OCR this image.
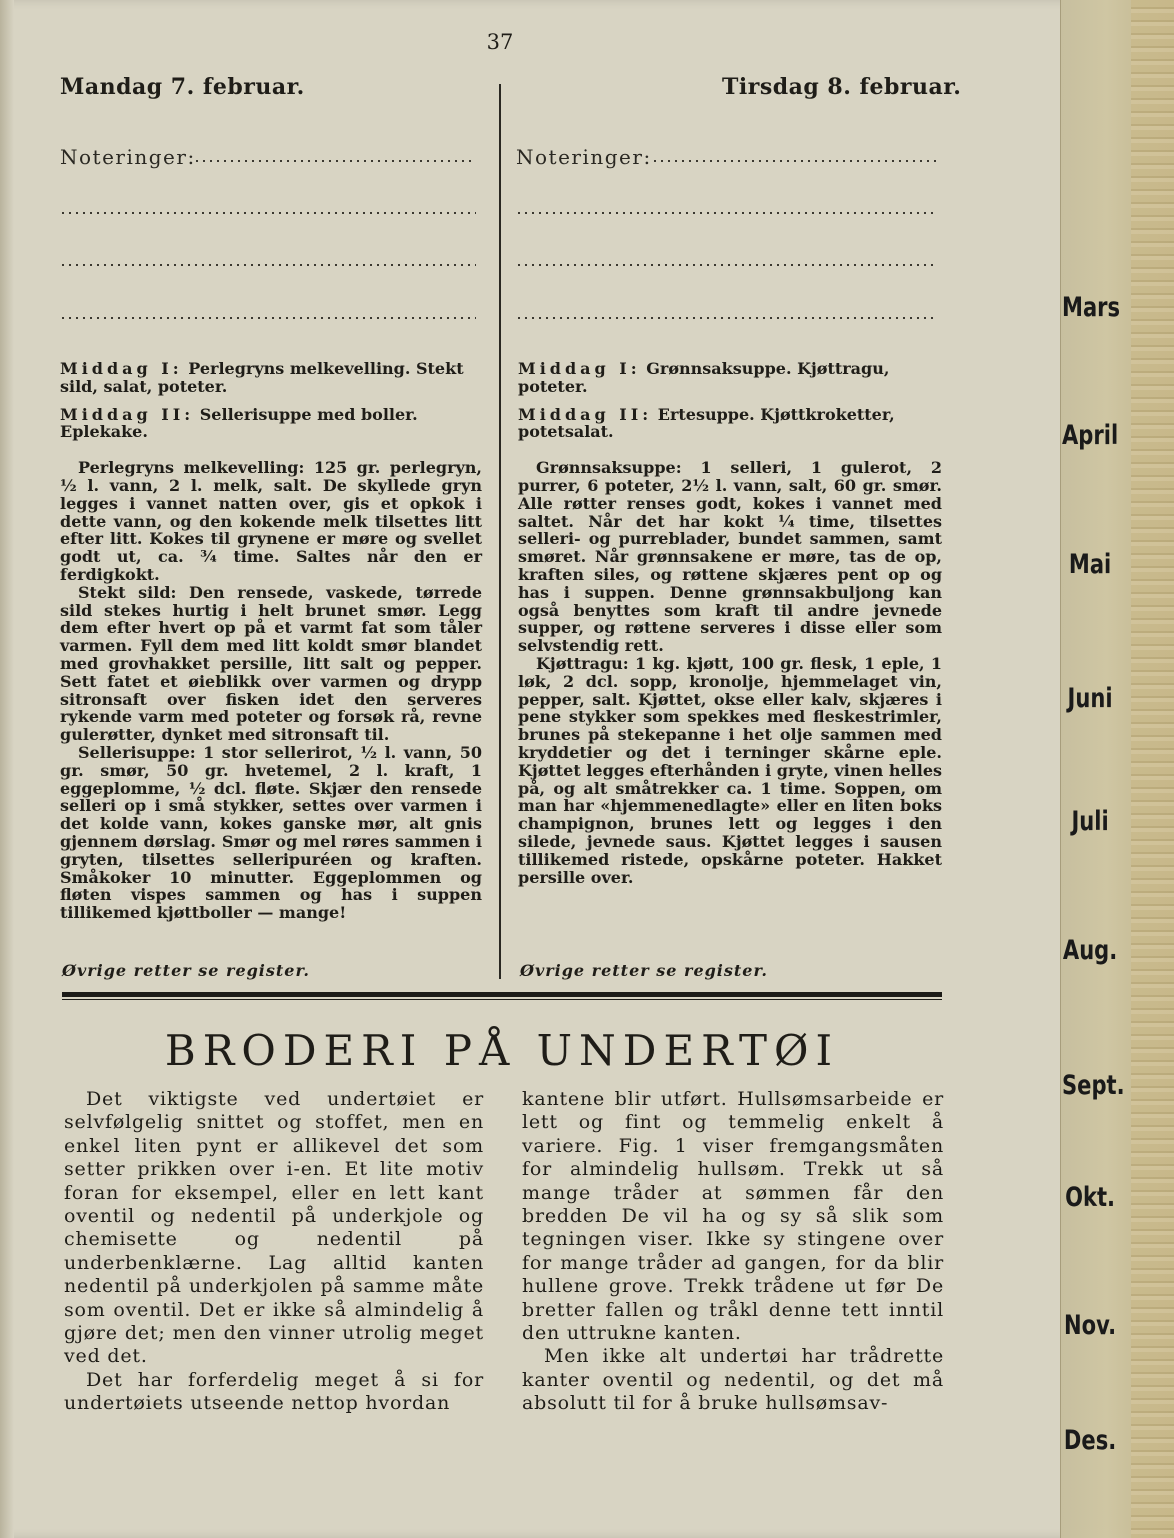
Mars
April
Mai
Juni
Juli
Aug.
Sept.
Okt.
Nov.
Des.
37
Mandag 7. februar.	Tirsdag 8. februar.
Noteringer:	Noteringer:

Middag I: Perlegryns melkevelling. Stekt sild, salat, poteter.

Middag II: Sellerisuppe med boller. Eplekake.

Perlegryns melkevelling: 125 gr. perlegryn, ½ l. vann, 2 l. melk, salt. De skyllede gryn legges i vannet natten over, gis et opkok i dette vann, og den kokende melk tilsettes litt efter litt. Kokes til grynene er møre og svellet godt ut, ca. ¾ time. Saltes når den er ferdigkokt.

Stekt sild: Den rensede, vaskede, tørrede sild stekes hurtig i helt brunet smør. Legg dem efter hvert op på et varmt fat som tåler varmen. Fyll dem med litt koldt smør blandet med grovhakket persille, litt salt og pepper. Sett fatet et øieblikk over varmen og drypp sitronsaft over fisken idet den serveres rykende varm med poteter og forsøk rå, revne gulerøtter, dynket med sitronsaft til.

Sellerisuppe: 1 stor sellerirot, ½ l. vann, 50 gr. smør, 50 gr. hvetemel, 2 l. kraft, 1 eggeplomme, ½ dcl. fløte. Skjær den rensede selleri op i små stykker, settes over varmen i det kolde vann, kokes ganske mør, alt gnis gjennem dørslag. Smør og mel røres sammen i gryten, tilsettes selleripuréen og kraften. Småkoker 10 minutter. Eggeplommen og fløten vispes sammen og has i suppen tillikemed kjøttboller — mange!

Øvrige retter se register.

Middag I: Grønnsaksuppe. Kjøttragu, poteter.

Middag II: Ertesuppe. Kjøttkroketter, potetsalat.

Grønnsaksuppe: 1 selleri, 1 gulerot, 2 purrer, 6 poteter, 2½ l. vann, salt, 60 gr. smør. Alle røtter renses godt, kokes i vannet med saltet. Når det har kokt ¼ time, tilsettes selleri- og purreblader, bundet sammen, samt smøret. Når grønnsakene er møre, tas de op, kraften siles, og røttene skjæres pent op og has i suppen. Denne grønnsakbuljong kan også benyttes som kraft til andre jevnede supper, og røttene serveres i disse eller som selvstendig rett.

Kjøttragu: 1 kg. kjøtt, 100 gr. flesk, 1 eple, 1 løk, 2 dcl. sopp, kronolje, hjemmelaget vin, pepper, salt. Kjøttet, okse eller kalv, skjæres i pene stykker som spekkes med fleskestrimler, brunes på stekepanne i het olje sammen med kryddetier og det i terninger skårne eple. Kjøttet legges efterhånden i gryte, vinen helles på, og alt småtrekker ca. 1 time. Soppen, om man har «hjemmenedlagte» eller en liten boks champignon, brunes lett og legges i den silede, jevnede saus. Kjøttet legges i sausen tillikemed ristede, opskårne poteter. Hakket persille over.

Øvrige retter se register.
BRODERI PÅ UNDERTØI

Det viktigste ved undertøiet er selvfølgelig snittet og stoffet, men en enkel liten pynt er allikevel det som setter prikken over i-en. Et lite motiv foran for eksempel, eller en lett kant oventil og nedentil på underkjole og chemisette og nedentil på underbenklærne. Lag alltid kanten nedentil på underkjolen på samme måte som oventil. Det er ikke så almindelig å gjøre det; men den vinner utrolig meget ved det.

Det har forferdelig meget å si for undertøiets utseende nettop hvordan

kantene blir utført. Hullsømsarbeide er lett og fint og temmelig enkelt å variere. Fig. 1 viser fremgangsmåten for almindelig hullsøm. Trekk ut så mange tråder at sømmen får den bredden De vil ha og sy så slik som tegningen viser. Ikke sy stingene over for mange tråder ad gangen, for da blir hullene grove. Trekk trådene ut før De bretter fallen og tråkl denne tett inntil den uttrukne kanten.

Men ikke alt undertøi har trådrette kanter oventil og nedentil, og det må absolutt til for å bruke hullsømsav-
